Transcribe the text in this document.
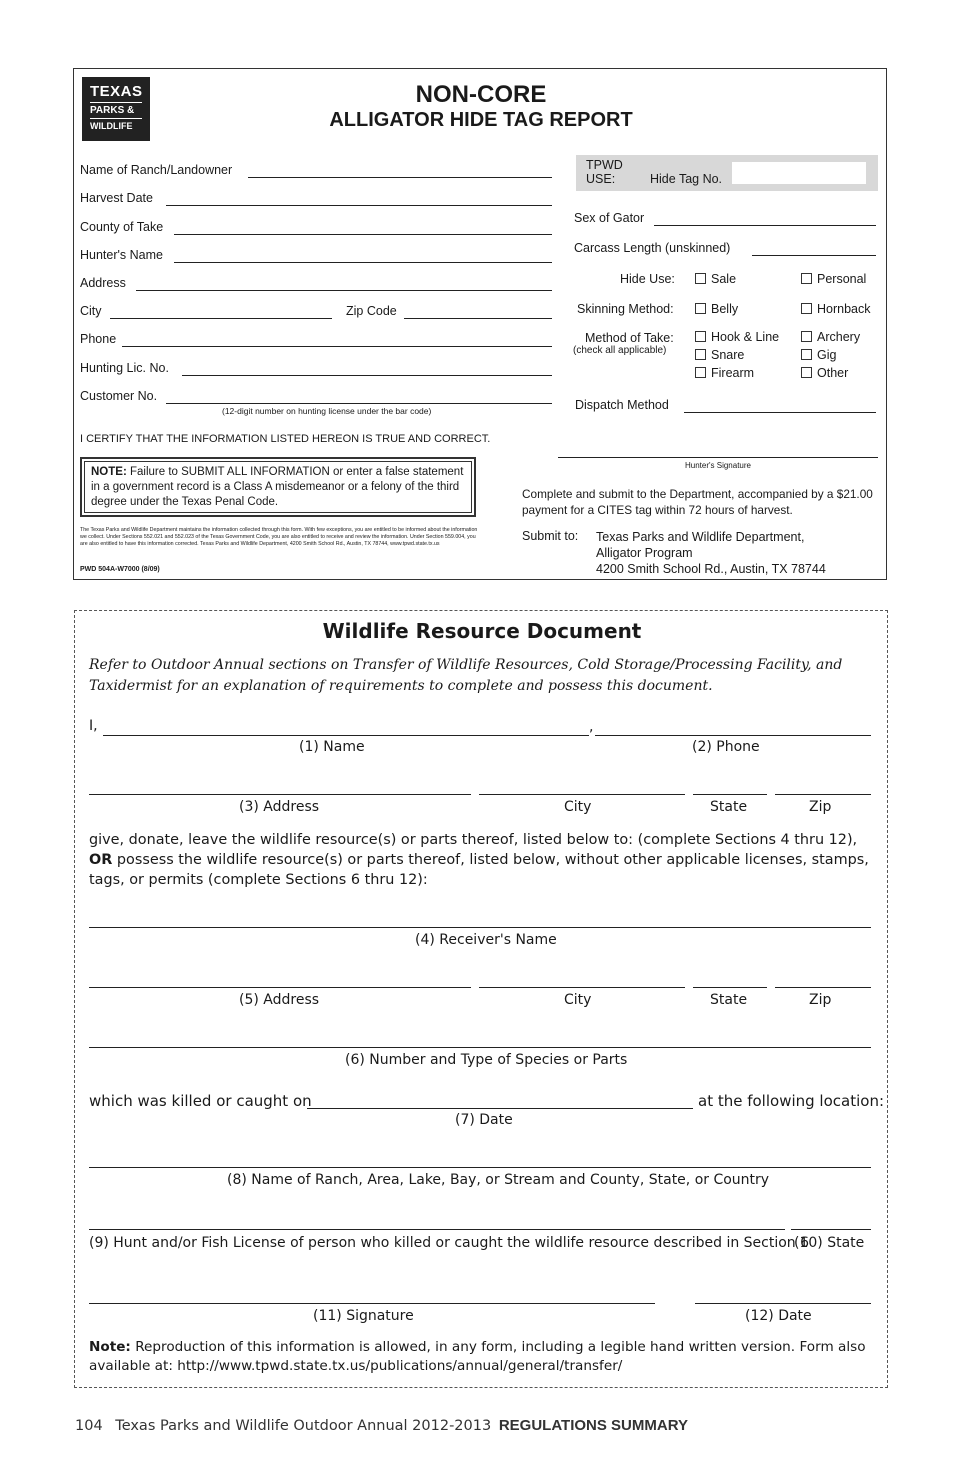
TEXAS
PARKS &
WILDLIFE
NON-CORE
ALLIGATOR HIDE TAG REPORT
Name of Ranch/Landowner
Harvest Date
County of Take
Hunter's Name
Address
City	Zip Code
Phone
Hunting Lic. No.
Customer No.
(12-digit number on hunting license under the bar code)
I CERTIFY THAT THE INFORMATION LISTED HEREON IS TRUE AND CORRECT.
NOTE: Failure to SUBMIT ALL INFORMATION or enter a false statement in a government record is a Class A misdemeanor or a felony of the third degree under the Texas Penal Code.
The Texas Parks and Wildlife Department maintains the information collected through this form. With few exceptions, you are entitled to be informed about the information we collect. Under Sections 552.021 and 552.023 of the Texas Government Code, you are also entitled to receive and review the information. Under Section 559.004, you are also entitled to have this information corrected. Texas Parks and Wildlife Department, 4200 Smith School Rd., Austin, TX 78744, www.tpwd.state.tx.us
PWD 504A-W7000 (8/09)
TPWD
USE:	Hide Tag No.
Sex of Gator
Carcass Length (unskinned)
Hide Use:	Sale	Personal
Skinning Method:	Belly	Hornback
Method of Take:
(check all applicable)
Hook & Line	Archery
Snare	Gig
Firearm	Other
Dispatch Method
Hunter's Signature
Complete and submit to the Department, accompanied by a $21.00 payment for a CITES tag within 72 hours of harvest.
Submit to: Texas Parks and Wildlife Department,
Alligator Program
4200 Smith School Rd., Austin, TX 78744
Wildlife Resource Document
Refer to Outdoor Annual sections on Transfer of Wildlife Resources, Cold Storage/Processing Facility, and Taxidermist for an explanation of requirements to complete and possess this document.
I,	,
(1) Name	(2) Phone
(3) Address	City	State	Zip
give, donate, leave the wildlife resource(s) or parts thereof, listed below to: (complete Sections 4 thru 12),
OR possess the wildlife resource(s) or parts thereof, listed below, without other applicable licenses, stamps,
tags, or permits (complete Sections 6 thru 12):
(4) Receiver's Name
(5) Address	City	State	Zip
(6) Number and Type of Species or Parts
which was killed or caught on	at the following location:
(7) Date
(8) Name of Ranch, Area, Lake, Bay, or Stream and County, State, or Country
(9) Hunt and/or Fish License of person who killed or caught the wildlife resource described in Section 6
(10) State
(11) Signature	(12) Date
Note: Reproduction of this information is allowed, in any form, including a legible hand written version. Form also
available at: http://www.tpwd.state.tx.us/publications/annual/general/transfer/
104 Texas Parks and Wildlife Outdoor Annual 2012-2013 REGULATIONS SUMMARY
